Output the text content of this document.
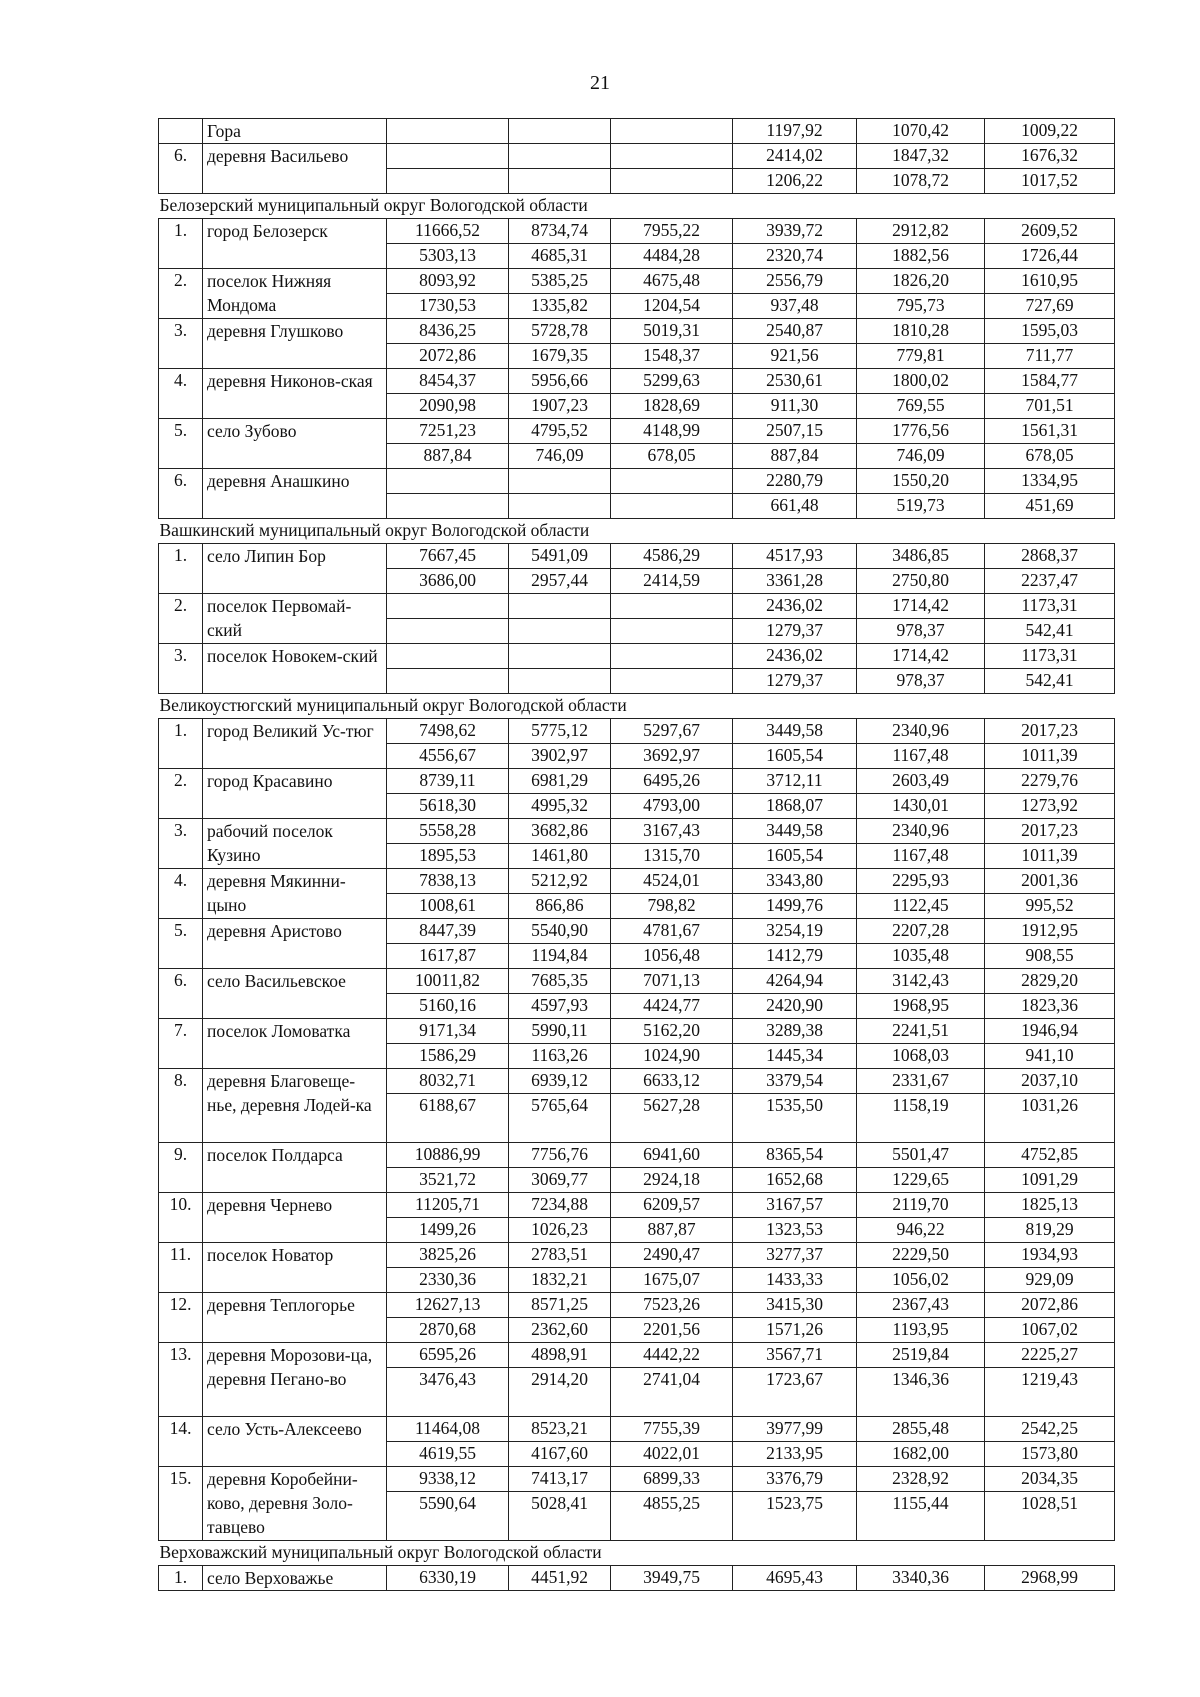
21
	Гора				1197,92	1070,42	1009,22
6.	деревня Васильево				2414,02	1847,32	1676,32
					1206,22	1078,72	1017,52
Белозерский муниципальный округ Вологодской области							
1.	город Белозерск	11666,52	8734,74	7955,22	3939,72	2912,82	2609,52
		5303,13	4685,31	4484,28	2320,74	1882,56	1726,44
2.	поселок Нижняя Мондома	8093,92	5385,25	4675,48	2556,79	1826,20	1610,95
		1730,53	1335,82	1204,54	937,48	795,73	727,69
3.	деревня Глушково	8436,25	5728,78	5019,31	2540,87	1810,28	1595,03
		2072,86	1679,35	1548,37	921,56	779,81	711,77
4.	деревня Никонов-ская	8454,37	5956,66	5299,63	2530,61	1800,02	1584,77
		2090,98	1907,23	1828,69	911,30	769,55	701,51
5.	село Зубово	7251,23	4795,52	4148,99	2507,15	1776,56	1561,31
		887,84	746,09	678,05	887,84	746,09	678,05
6.	деревня Анашкино				2280,79	1550,20	1334,95
					661,48	519,73	451,69
Вашкинский муниципальный округ Вологодской области							
1.	село Липин Бор	7667,45	5491,09	4586,29	4517,93	3486,85	2868,37
		3686,00	2957,44	2414,59	3361,28	2750,80	2237,47
2.	поселок Первомай-ский				2436,02	1714,42	1173,31
					1279,37	978,37	542,41
3.	поселок Новокем-ский				2436,02	1714,42	1173,31
					1279,37	978,37	542,41
Великоустюгский муниципальный округ Вологодской области							
1.	город Великий Ус-тюг	7498,62	5775,12	5297,67	3449,58	2340,96	2017,23
		4556,67	3902,97	3692,97	1605,54	1167,48	1011,39
2.	город Красавино	8739,11	6981,29	6495,26	3712,11	2603,49	2279,76
		5618,30	4995,32	4793,00	1868,07	1430,01	1273,92
3.	рабочий поселок Кузино	5558,28	3682,86	3167,43	3449,58	2340,96	2017,23
		1895,53	1461,80	1315,70	1605,54	1167,48	1011,39
4.	деревня Мякинни-цыно	7838,13	5212,92	4524,01	3343,80	2295,93	2001,36
		1008,61	866,86	798,82	1499,76	1122,45	995,52
5.	деревня Аристово	8447,39	5540,90	4781,67	3254,19	2207,28	1912,95
		1617,87	1194,84	1056,48	1412,79	1035,48	908,55
6.	село Васильевское	10011,82	7685,35	7071,13	4264,94	3142,43	2829,20
		5160,16	4597,93	4424,77	2420,90	1968,95	1823,36
7.	поселок Ломоватка	9171,34	5990,11	5162,20	3289,38	2241,51	1946,94
		1586,29	1163,26	1024,90	1445,34	1068,03	941,10
8.	деревня Благовеще-нье, деревня Лодей-ка	8032,71	6939,12	6633,12	3379,54	2331,67	2037,10
		6188,67	5765,64	5627,28	1535,50	1158,19	1031,26
9.	поселок Полдарса	10886,99	7756,76	6941,60	8365,54	5501,47	4752,85
		3521,72	3069,77	2924,18	1652,68	1229,65	1091,29
10.	деревня Чернево	11205,71	7234,88	6209,57	3167,57	2119,70	1825,13
		1499,26	1026,23	887,87	1323,53	946,22	819,29
11.	поселок Новатор	3825,26	2783,51	2490,47	3277,37	2229,50	1934,93
		2330,36	1832,21	1675,07	1433,33	1056,02	929,09
12.	деревня Теплогорье	12627,13	8571,25	7523,26	3415,30	2367,43	2072,86
		2870,68	2362,60	2201,56	1571,26	1193,95	1067,02
13.	деревня Морозови-ца, деревня Пегано-во	6595,26	4898,91	4442,22	3567,71	2519,84	2225,27
		3476,43	2914,20	2741,04	1723,67	1346,36	1219,43
14.	село Усть-Алексеево	11464,08	8523,21	7755,39	3977,99	2855,48	2542,25
		4619,55	4167,60	4022,01	2133,95	1682,00	1573,80
15.	деревня Коробейни-ково, деревня Золо-тавцево	9338,12	7413,17	6899,33	3376,79	2328,92	2034,35
		5590,64	5028,41	4855,25	1523,75	1155,44	1028,51
Верховажский муниципальный округ Вологодской области							
1.	село Верховажье	6330,19	4451,92	3949,75	4695,43	3340,36	2968,99
